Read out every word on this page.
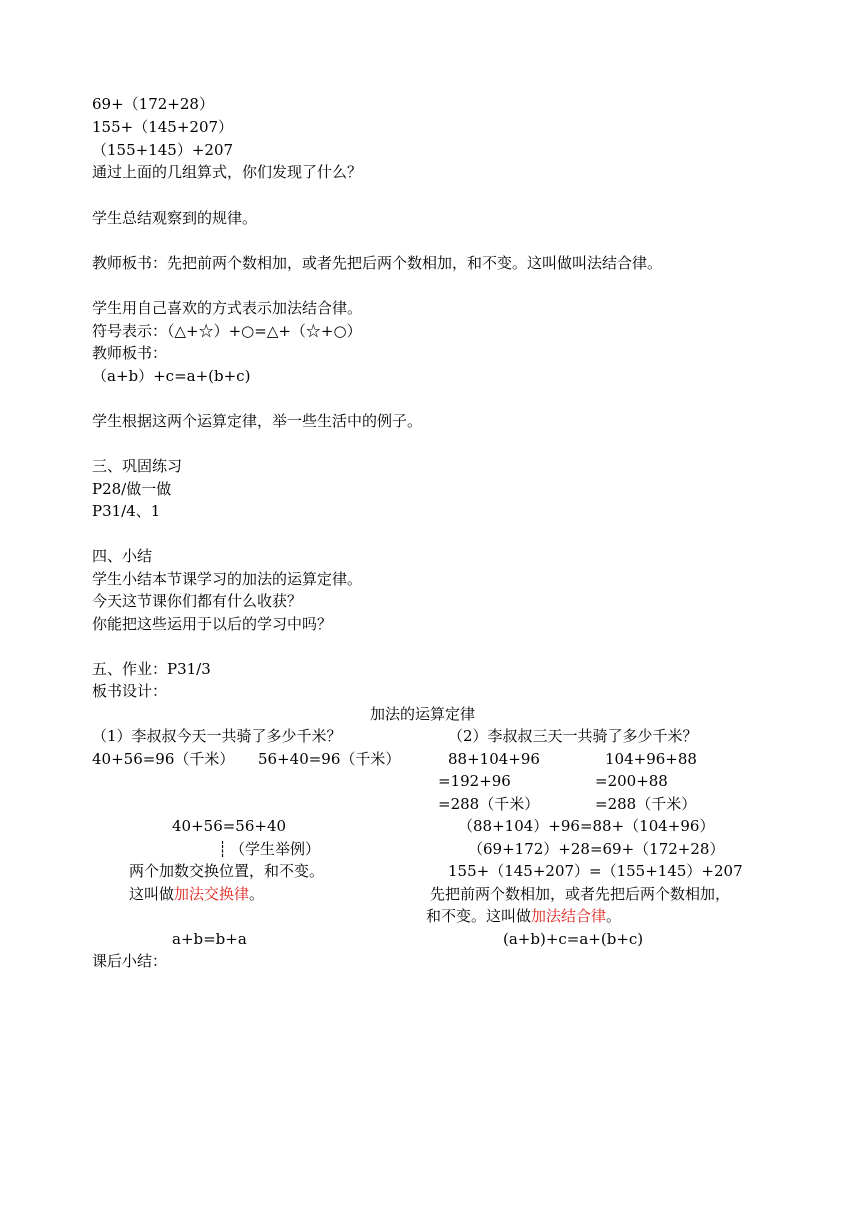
69+（172+28）
155+（145+207）
（155+145）+207
通过上面的几组算式，你们发现了什么？
学生总结观察到的规律。
教师板书：先把前两个数相加，或者先把后两个数相加，和不变。这叫做叫法结合律。
学生用自己喜欢的方式表示加法结合律。
符号表示：（△+☆）+○=△+（☆+○）
教师板书：
（a+b）+c=a+(b+c)
学生根据这两个运算定律，举一些生活中的例子。
三、巩固练习
P28/做一做
P31/4、1
四、小结
学生小结本节课学习的加法的运算定律。
今天这节课你们都有什么收获？
你能把这些运用于以后的学习中吗？
五、作业：P31/3
板书设计：
加法的运算定律
（1）李叔叔今天一共骑了多少千米？
40+56=96（千米） 56+40=96（千米）
40+56=56+40
┊ （学生举例）
两个加数交换位置，和不变。
这叫做加法交换律。
a+b=b+a
（2）李叔叔三天一共骑了多少千米？
88+104+96
=192+96
=288（千米）
104+96+88
=200+88
=288（千米）
（88+104）+96=88+（104+96）
（69+172）+28=69+（172+28）
155+（145+207）=（155+145）+207
先把前两个数相加，或者先把后两个数相加，
和不变。这叫做加法结合律。
(a+b)+c=a+(b+c)
课后小结：
